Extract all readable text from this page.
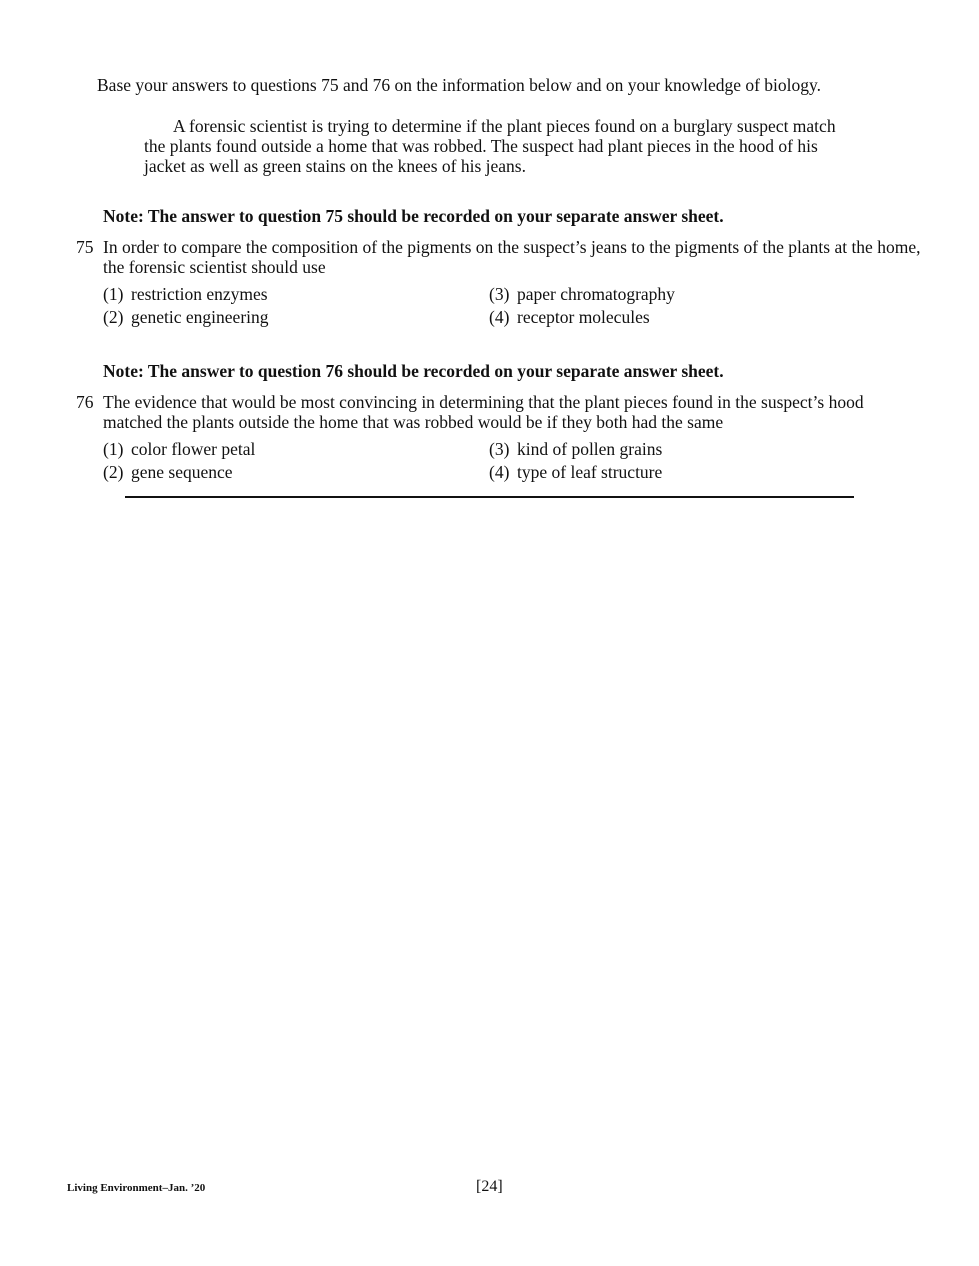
Base your answers to questions 75 and 76 on the information below and on your knowledge of biology.

A forensic scientist is trying to determine if the plant pieces found on a burglary suspect match the plants found outside a home that was robbed. The suspect had plant pieces in the hood of his jacket as well as green stains on the knees of his jeans.

Note: The answer to question 75 should be recorded on your separate answer sheet.
75 In order to compare the composition of the pigments on the suspect’s jeans to the pigments of the plants at the home, the forensic scientist should use
(1) restriction enzymes
(2) genetic engineering
(3) paper chromatography
(4) receptor molecules
Note: The answer to question 76 should be recorded on your separate answer sheet.
76 The evidence that would be most convincing in determining that the plant pieces found in the suspect’s hood matched the plants outside the home that was robbed would be if they both had the same
(1) color flower petal
(2) gene sequence
(3) kind of pollen grains
(4) type of leaf structure
Living Environment–Jan. ’20	[24]
